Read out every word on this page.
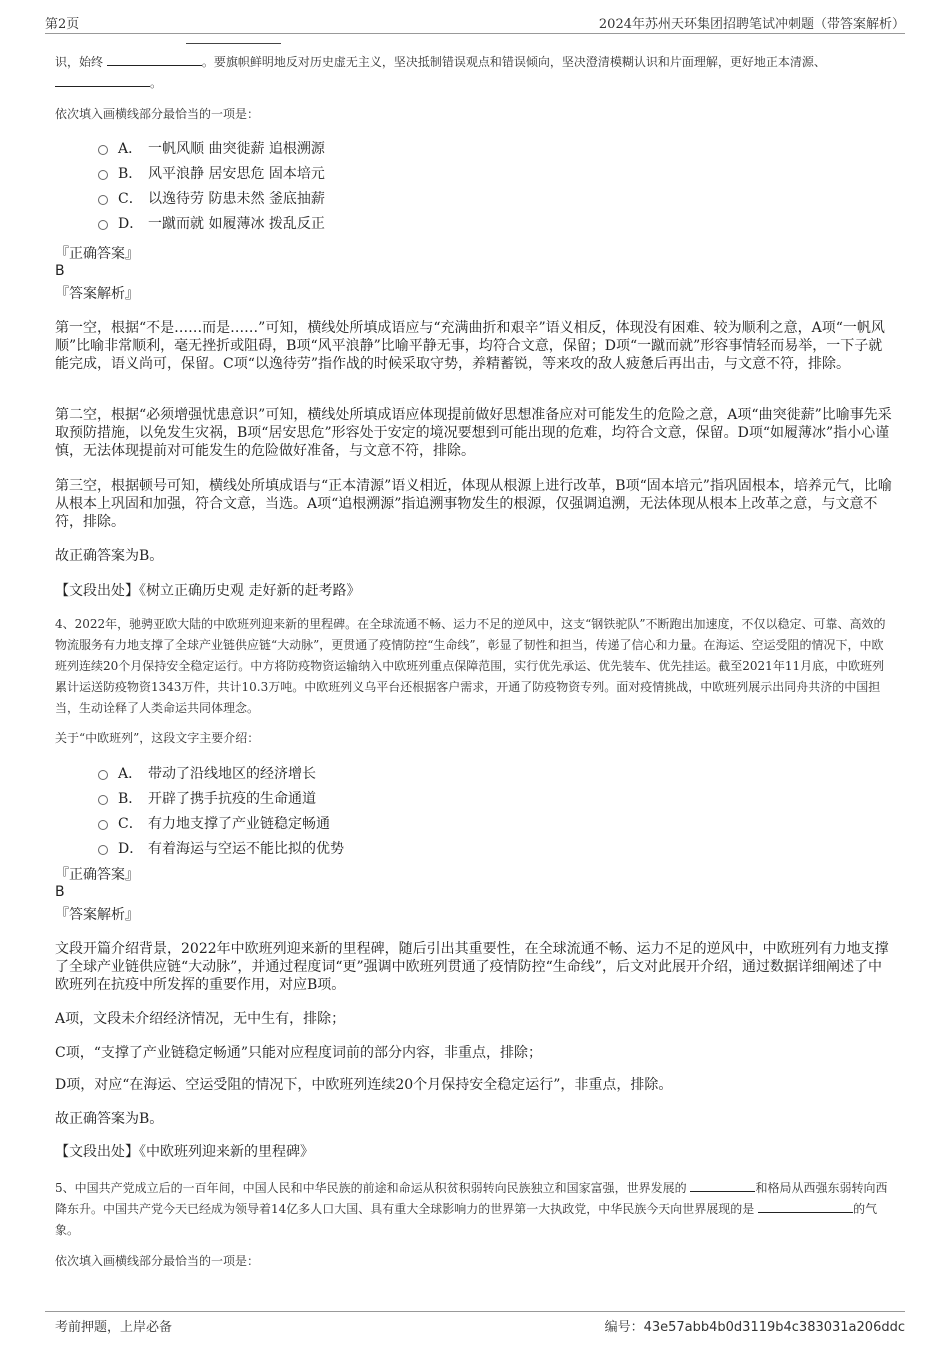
第2页	2024年苏州天环集团招聘笔试冲刺题（带答案解析）
识，始终	。要旗帜鲜明地反对历史虚无主义，坚决抵制错误观点和错误倾向，坚决澄清模糊认识和片面理解，更好地正本清源、 。
依次填入画横线部分最恰当的一项是：
A． 一帆风顺 曲突徙薪 追根溯源
B． 风平浪静 居安思危 固本培元
C． 以逸待劳 防患未然 釜底抽薪
D． 一蹴而就 如履薄冰 拨乱反正
『正确答案』
B
『答案解析』
第一空，根据“不是……而是……”可知，横线处所填成语应与“充满曲折和艰辛”语义相反，体现没有困难、较为顺利之意，A项“一帆风顺”比喻非常顺利，毫无挫折或阻碍，B项“风平浪静”比喻平静无事，均符合文意，保留；D项“一蹴而就”形容事情轻而易举，一下子就能完成，语义尚可，保留。C项“以逸待劳”指作战的时候采取守势，养精蓄锐，等来攻的敌人疲惫后再出击，与文意不符，排除。
第二空，根据“必须增强忧患意识”可知，横线处所填成语应体现提前做好思想准备应对可能发生的危险之意，A项“曲突徙薪”比喻事先采取预防措施，以免发生灾祸，B项“居安思危”形容处于安定的境况要想到可能出现的危难，均符合文意，保留。D项“如履薄冰”指小心谨慎，无法体现提前对可能发生的危险做好准备，与文意不符，排除。
第三空，根据顿号可知，横线处所填成语与“正本清源”语义相近，体现从根源上进行改革，B项“固本培元”指巩固根本，培养元气，比喻从根本上巩固和加强，符合文意，当选。A项“追根溯源”指追溯事物发生的根源，仅强调追溯，无法体现从根本上改革之意，与文意不符，排除。
故正确答案为B。
【文段出处】《树立正确历史观 走好新的赶考路》
4、2022年，驰骋亚欧大陆的中欧班列迎来新的里程碑。在全球流通不畅、运力不足的逆风中，这支“钢铁驼队”不断跑出加速度，不仅以稳定、可靠、高效的物流服务有力地支撑了全球产业链供应链“大动脉”，更贯通了疫情防控“生命线”，彰显了韧性和担当，传递了信心和力量。在海运、空运受阻的情况下，中欧班列连续20个月保持安全稳定运行。中方将防疫物资运输纳入中欧班列重点保障范围，实行优先承运、优先装车、优先挂运。截至2021年11月底，中欧班列累计运送防疫物资1343万件，共计10.3万吨。中欧班列义乌平台还根据客户需求，开通了防疫物资专列。面对疫情挑战，中欧班列展示出同舟共济的中国担当，生动诠释了人类命运共同体理念。
关于“中欧班列”，这段文字主要介绍：
A． 带动了沿线地区的经济增长
B． 开辟了携手抗疫的生命通道
C． 有力地支撑了产业链稳定畅通
D． 有着海运与空运不能比拟的优势
『正确答案』
B
『答案解析』
文段开篇介绍背景，2022年中欧班列迎来新的里程碑，随后引出其重要性，在全球流通不畅、运力不足的逆风中，中欧班列有力地支撑了全球产业链供应链“大动脉”，并通过程度词“更”强调中欧班列贯通了疫情防控“生命线”，后文对此展开介绍，通过数据详细阐述了中欧班列在抗疫中所发挥的重要作用，对应B项。
A项，文段未介绍经济情况，无中生有，排除；
C项，“支撑了产业链稳定畅通”只能对应程度词前的部分内容，非重点，排除；
D项，对应“在海运、空运受阻的情况下，中欧班列连续20个月保持安全稳定运行”，非重点，排除。
故正确答案为B。
【文段出处】《中欧班列迎来新的里程碑》
5、中国共产党成立后的一百年间，中国人民和中华民族的前途和命运从积贫积弱转向民族独立和国家富强，世界发展的	和格局从西强东弱转向西降东升。中国共产党今天已经成为领导着14亿多人口大国、具有重大全球影响力的世界第一大执政党，中华民族今天向世界展现的是	的气象。
依次填入画横线部分最恰当的一项是：
考前押题，上岸必备	编号：43e57abb4b0d3119b4c383031a206ddc
